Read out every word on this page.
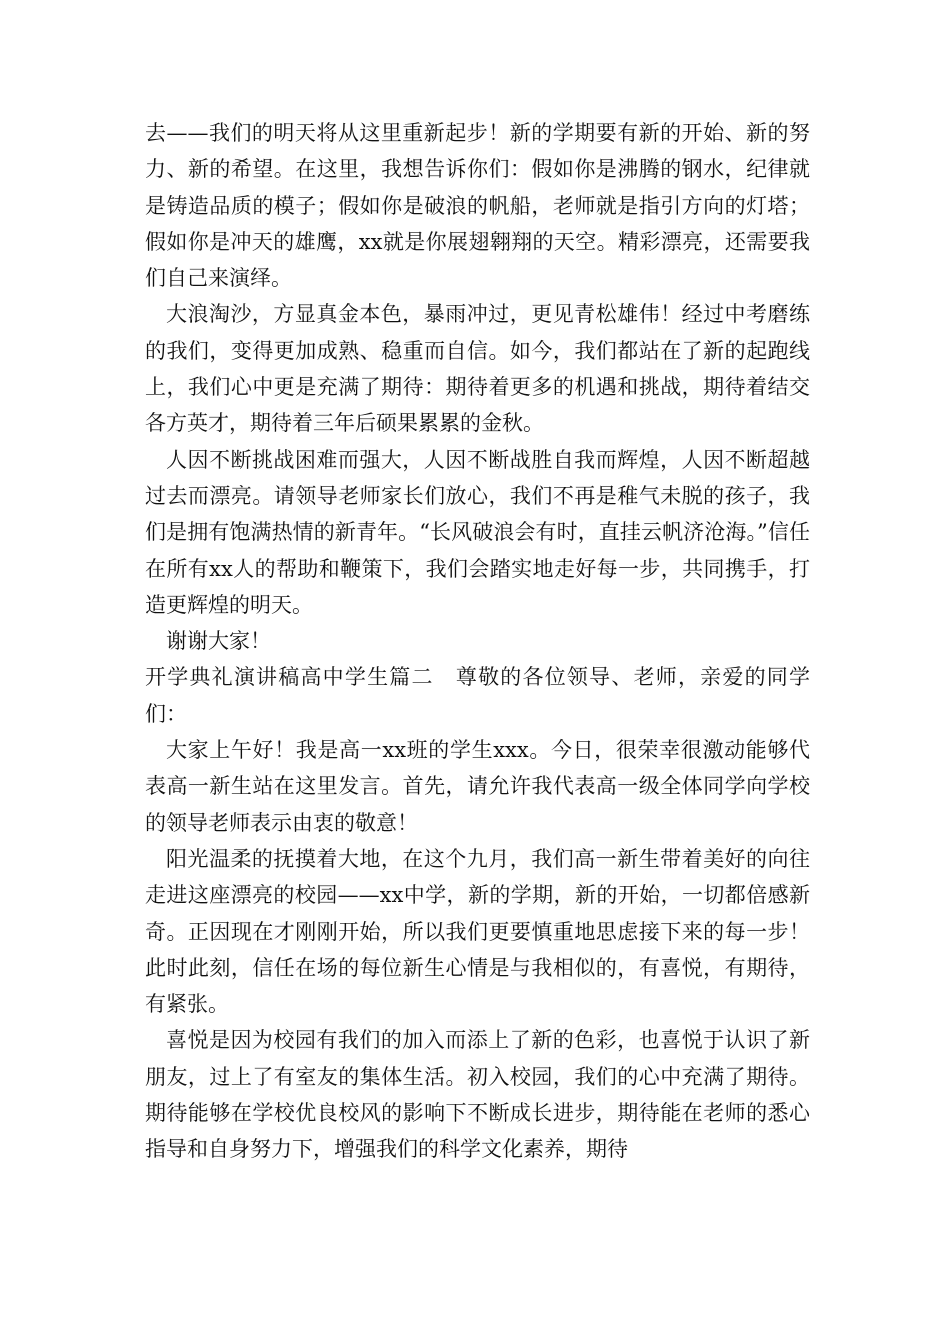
去——我们的明天将从这里重新起步！新的学期要有新的开始、新的努力、新的希望。在这里，我想告诉你们：假如你是沸腾的钢水，纪律就是铸造品质的模子；假如你是破浪的帆船，老师就是指引方向的灯塔；假如你是冲天的雄鹰，xx就是你展翅翱翔的天空。精彩漂亮，还需要我们自己来演绎。

大浪淘沙，方显真金本色，暴雨冲过，更见青松雄伟！经过中考磨练的我们，变得更加成熟、稳重而自信。如今，我们都站在了新的起跑线上，我们心中更是充满了期待：期待着更多的机遇和挑战，期待着结交各方英才，期待着三年后硕果累累的金秋。

人因不断挑战困难而强大，人因不断战胜自我而辉煌，人因不断超越过去而漂亮。请领导老师家长们放心，我们不再是稚气未脱的孩子，我们是拥有饱满热情的新青年。“长风破浪会有时，直挂云帆济沧海。”信任在所有xx人的帮助和鞭策下，我们会踏实地走好每一步，共同携手，打造更辉煌的明天。

谢谢大家！

开学典礼演讲稿高中学生篇二　尊敬的各位领导、老师，亲爱的同学们：

大家上午好！我是高一xx班的学生xxx。今日，很荣幸很激动能够代表高一新生站在这里发言。首先，请允许我代表高一级全体同学向学校的领导老师表示由衷的敬意！

阳光温柔的抚摸着大地，在这个九月，我们高一新生带着美好的向往走进这座漂亮的校园——xx中学，新的学期，新的开始，一切都倍感新奇。正因现在才刚刚开始，所以我们更要慎重地思虑接下来的每一步！此时此刻，信任在场的每位新生心情是与我相似的，有喜悦，有期待，有紧张。

喜悦是因为校园有我们的加入而添上了新的色彩，也喜悦于认识了新朋友，过上了有室友的集体生活。初入校园，我们的心中充满了期待。期待能够在学校优良校风的影响下不断成长进步，期待能在老师的悉心指导和自身努力下，增强我们的科学文化素养，期待
